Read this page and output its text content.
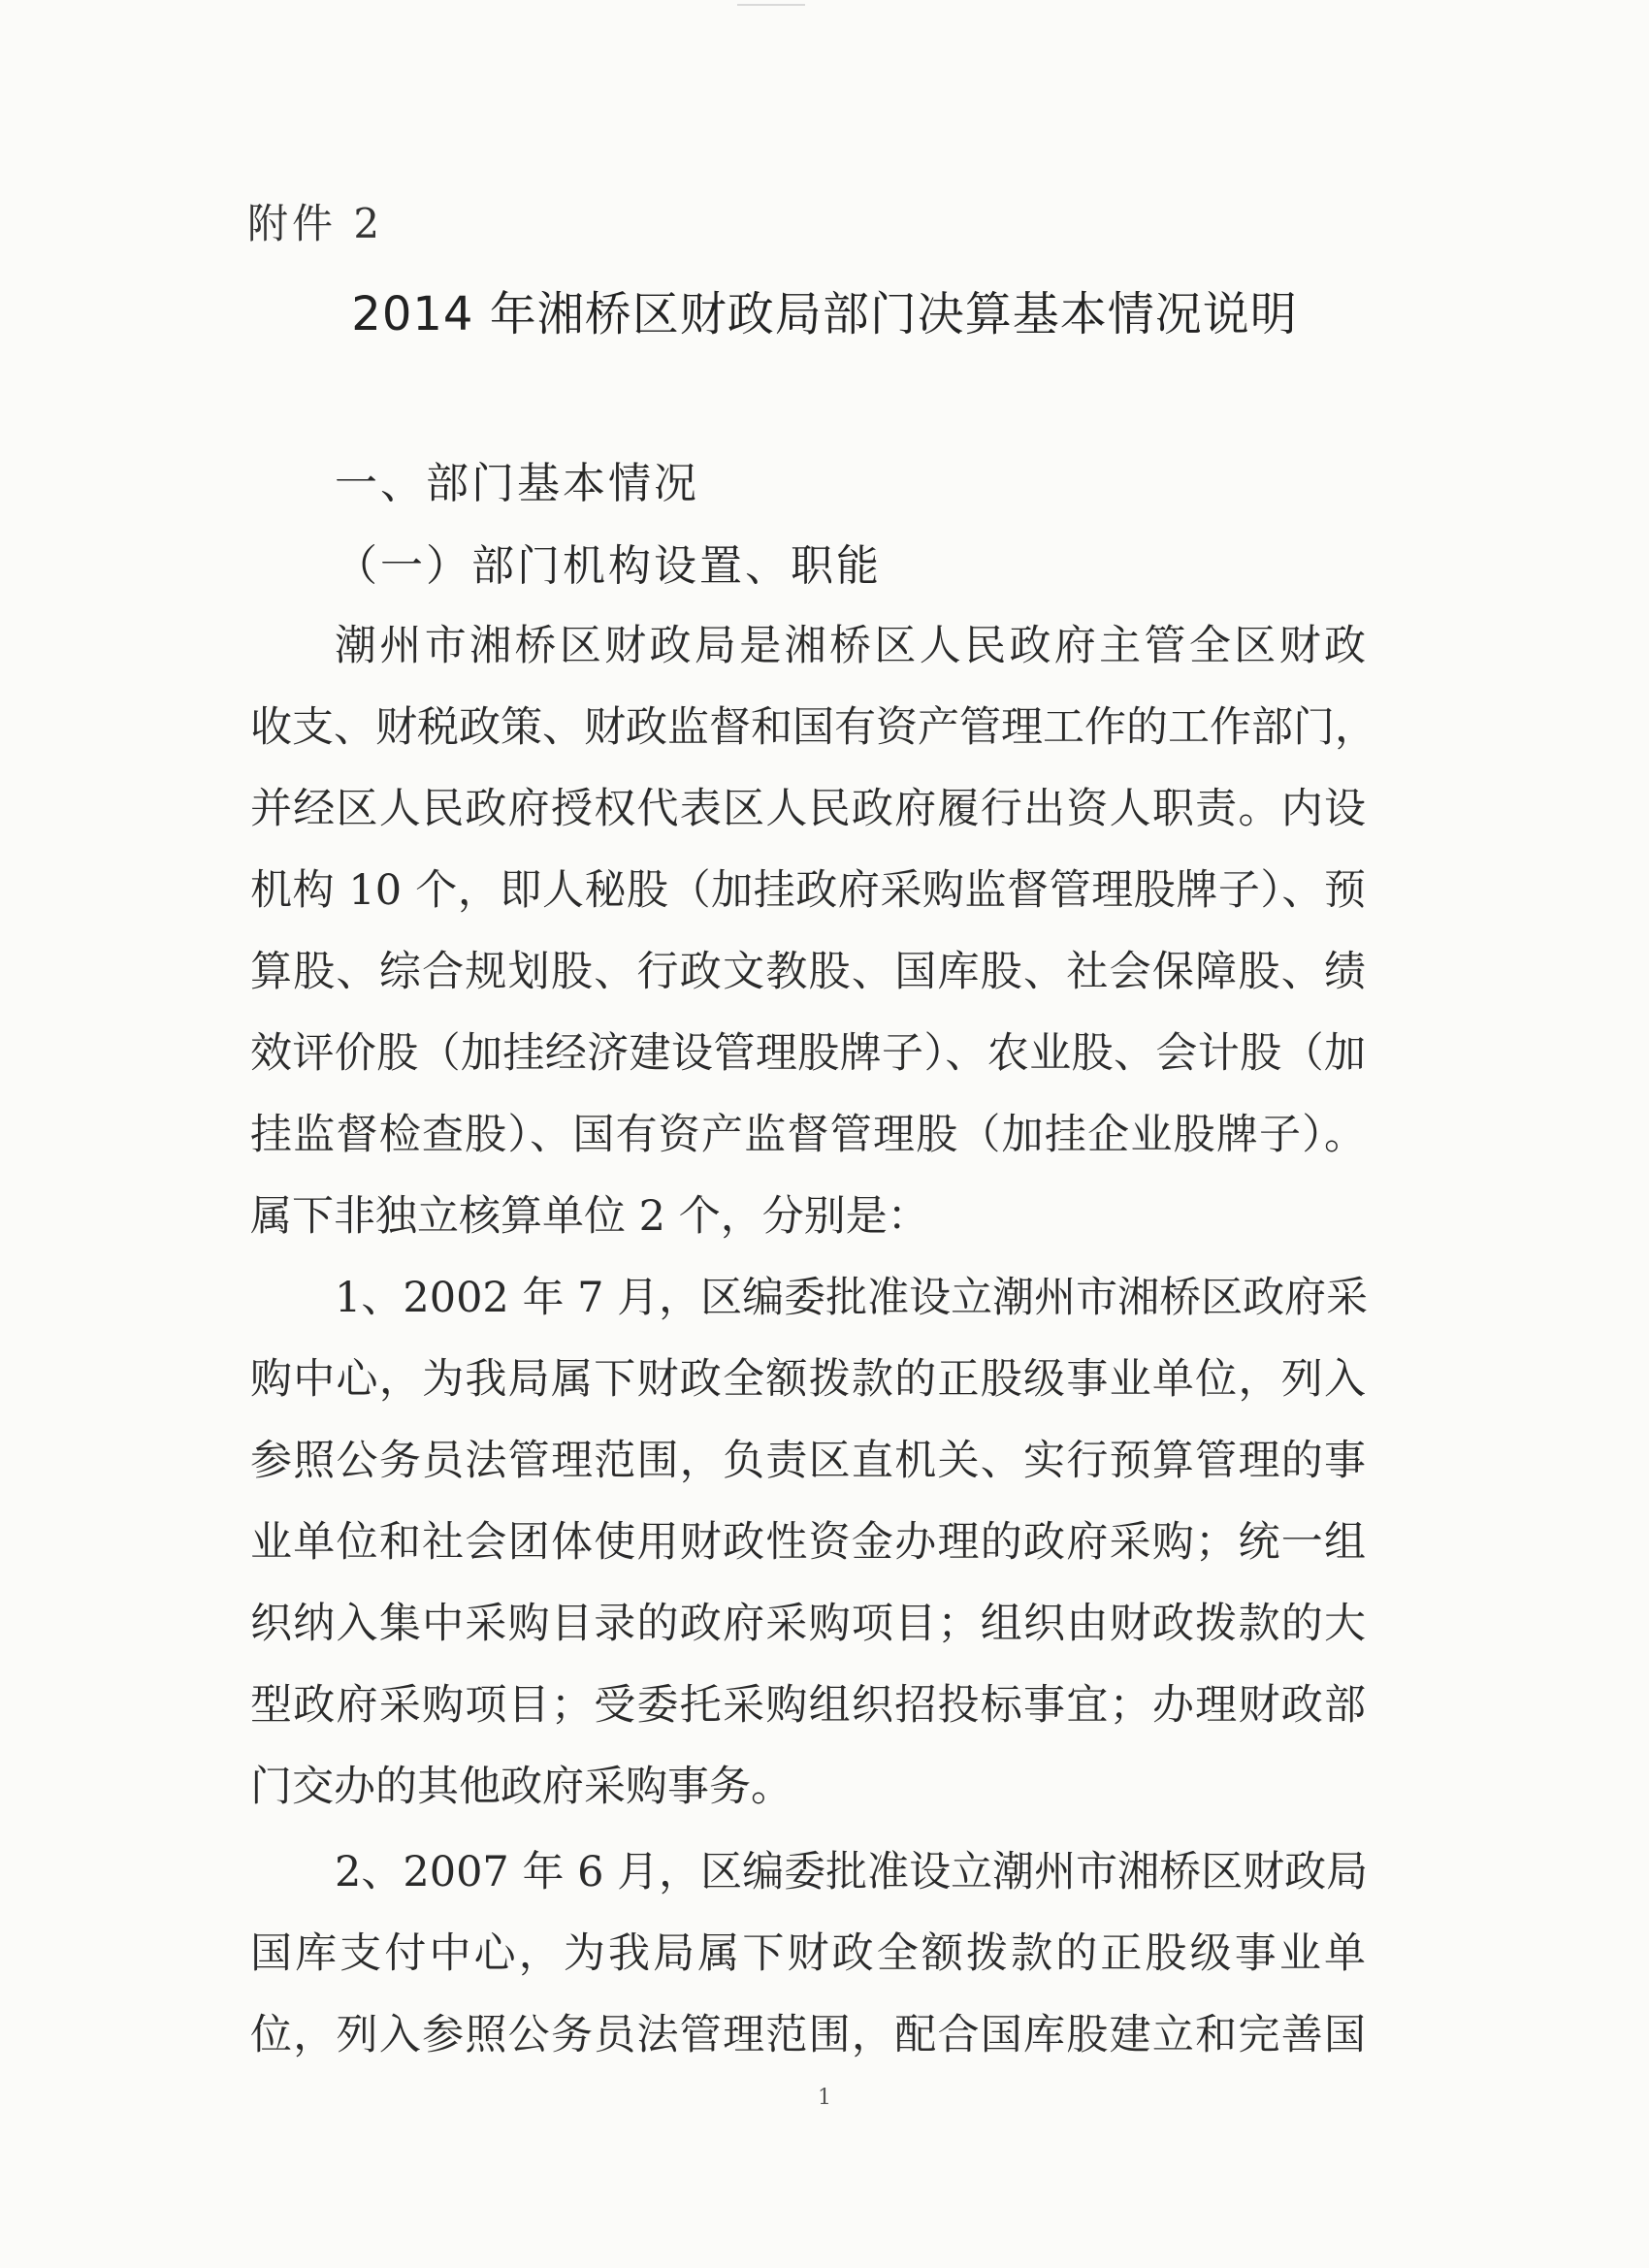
附件 2
2014 年湘桥区财政局部门决算基本情况说明
一、部门基本情况
（一）部门机构设置、职能
潮州市湘桥区财政局是湘桥区人民政府主管全区财政
收支、财税政策、财政监督和国有资产管理工作的工作部门，
并经区人民政府授权代表区人民政府履行出资人职责。内设
机构 10 个，即人秘股（加挂政府采购监督管理股牌子）、预
算股、综合规划股、行政文教股、国库股、社会保障股、绩
效评价股（加挂经济建设管理股牌子）、农业股、会计股（加
挂监督检查股）、国有资产监督管理股（加挂企业股牌子）。
属下非独立核算单位 2 个，分别是：
1、2002 年 7 月，区编委批准设立潮州市湘桥区政府采
购中心，为我局属下财政全额拨款的正股级事业单位，列入
参照公务员法管理范围，负责区直机关、实行预算管理的事
业单位和社会团体使用财政性资金办理的政府采购；统一组
织纳入集中采购目录的政府采购项目；组织由财政拨款的大
型政府采购项目；受委托采购组织招投标事宜；办理财政部
门交办的其他政府采购事务。
2、2007 年 6 月，区编委批准设立潮州市湘桥区财政局
国库支付中心，为我局属下财政全额拨款的正股级事业单
位，列入参照公务员法管理范围，配合国库股建立和完善国
1
